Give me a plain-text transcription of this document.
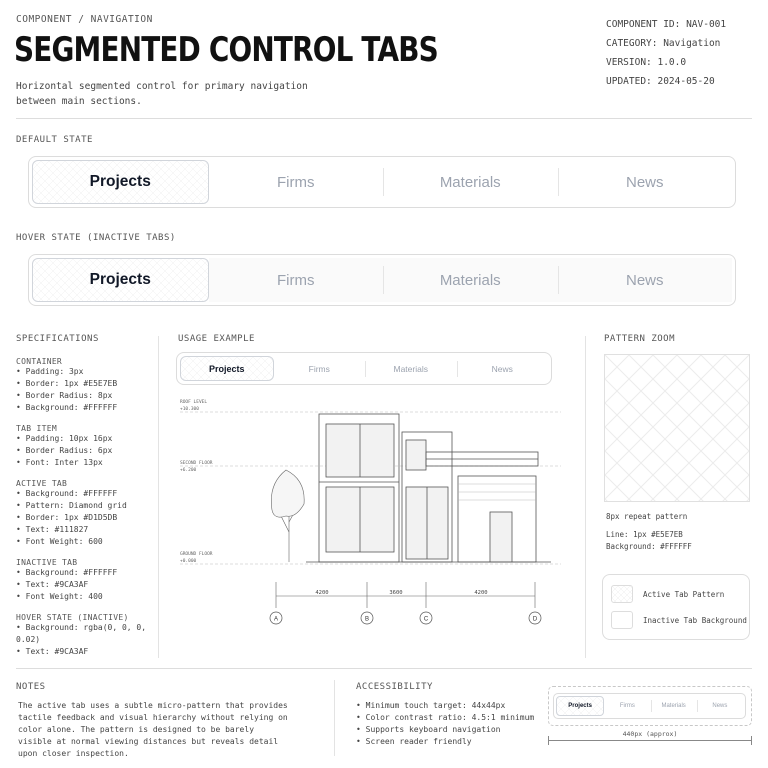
COMPONENT / NAVIGATION
SEGMENTED CONTROL TABS
Horizontal segmented control for primary navigation between main sections.
COMPONENT ID: NAV-001
CATEGORY: Navigation
VERSION: 1.0.0
UPDATED: 2024-05-20
DEFAULT STATE
Projects	Firms	Materials	News
HOVER STATE (INACTIVE TABS)
Projects	Firms	Materials	News
SPECIFICATIONS
CONTAINER
• Padding: 3px
• Border: 1px #E5E7EB
• Border Radius: 8px
• Background: #FFFFFF
TAB ITEM
• Padding: 10px 16px
• Border Radius: 6px
• Font: Inter 13px
ACTIVE TAB
• Background: #FFFFFF
• Pattern: Diamond grid
• Border: 1px #D1D5DB
• Text: #111827
• Font Weight: 600
INACTIVE TAB
• Background: #FFFFFF
• Text: #9CA3AF
• Font Weight: 400
HOVER STATE (INACTIVE)
• Background: rgba(0, 0, 0, 0.02)
• Text: #9CA3AF
USAGE EXAMPLE
Projects	Firms	Materials	News
ROOF LEVEL
+10.300
SECOND FLOOR
+6.200
GROUND FLOOR
+0.000
4200	3600	4200
A	B	C	D
PATTERN ZOOM
8px repeat pattern
Line: 1px #E5E7EB
Background: #FFFFFF
Active Tab Pattern
Inactive Tab Background
NOTES
The active tab uses a subtle micro-pattern that provides tactile feedback and visual hierarchy without relying on color alone. The pattern is designed to be barely visible at normal viewing distances but reveals detail upon closer inspection.
ACCESSIBILITY
• Minimum touch target: 44x44px
• Color contrast ratio: 4.5:1 minimum
• Supports keyboard navigation
• Screen reader friendly
Projects	Firms	Materials	News
440px (approx)
